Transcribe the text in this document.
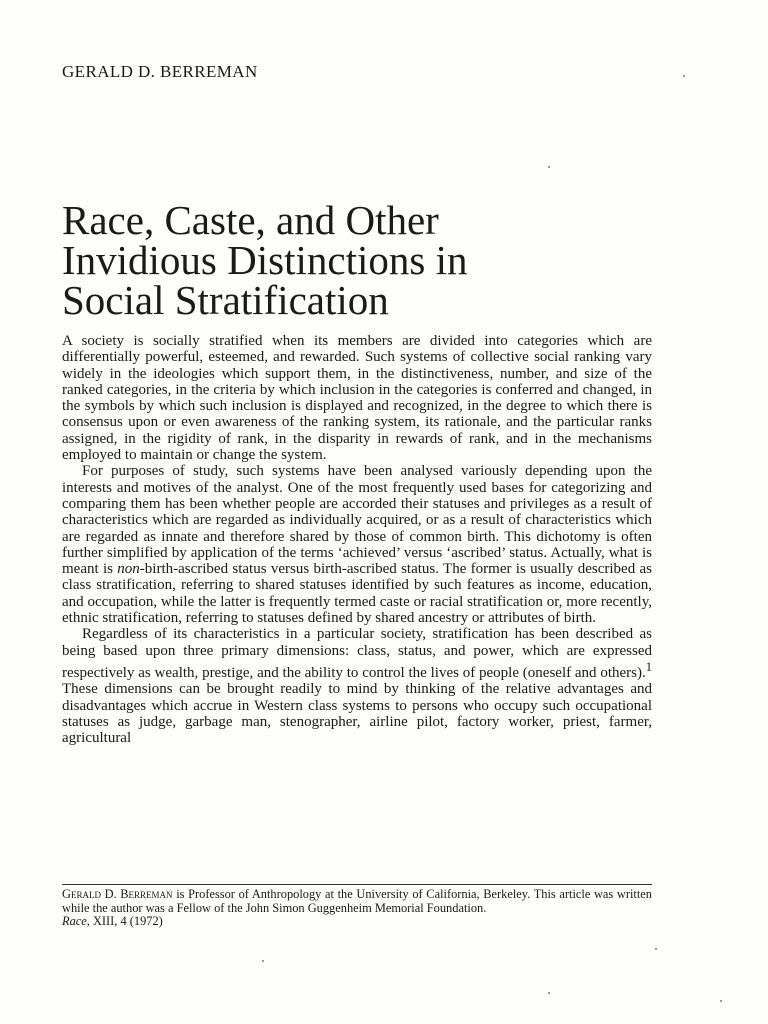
GERALD D. BERREMAN
Race, Caste, and Other
Invidious Distinctions in
Social Stratification

A society is socially stratified when its members are divided into categories which are differentially powerful, esteemed, and rewarded. Such systems of collective social ranking vary widely in the ideologies which support them, in the distinctiveness, number, and size of the ranked categories, in the criteria by which inclusion in the categories is conferred and changed, in the symbols by which such inclusion is displayed and recognized, in the degree to which there is consensus upon or even awareness of the ranking system, its rationale, and the particular ranks assigned, in the rigidity of rank, in the disparity in rewards of rank, and in the mechanisms employed to maintain or change the system.

For purposes of study, such systems have been analysed variously depending upon the interests and motives of the analyst. One of the most frequently used bases for categorizing and comparing them has been whether people are accorded their statuses and privileges as a result of characteristics which are regarded as individually acquired, or as a result of characteristics which are regarded as innate and therefore shared by those of common birth. This dichotomy is often further simplified by application of the terms ‘achieved’ versus ‘ascribed’ status. Actually, what is meant is non-birth-ascribed status versus birth-ascribed status. The former is usually described as class stratification, referring to shared statuses identified by such features as income, education, and occupation, while the latter is frequently termed caste or racial stratification or, more recently, ethnic stratification, referring to statuses defined by shared ancestry or attributes of birth.

Regardless of its characteristics in a particular society, stratification has been described as being based upon three primary dimensions: class, status, and power, which are expressed respectively as wealth, prestige, and the ability to control the lives of people (oneself and others).$^1$ These dimensions can be brought readily to mind by thinking of the relative advantages and disadvantages which accrue in Western class systems to persons who occupy such occupational statuses as judge, garbage man, stenographer, airline pilot, factory worker, priest, farmer, agricultural

Gerald D. Berreman is Professor of Anthropology at the University of California, Berkeley. This article was written while the author was a Fellow of the John Simon Guggenheim Memorial Foundation.

Race, XIII, 4 (1972)
